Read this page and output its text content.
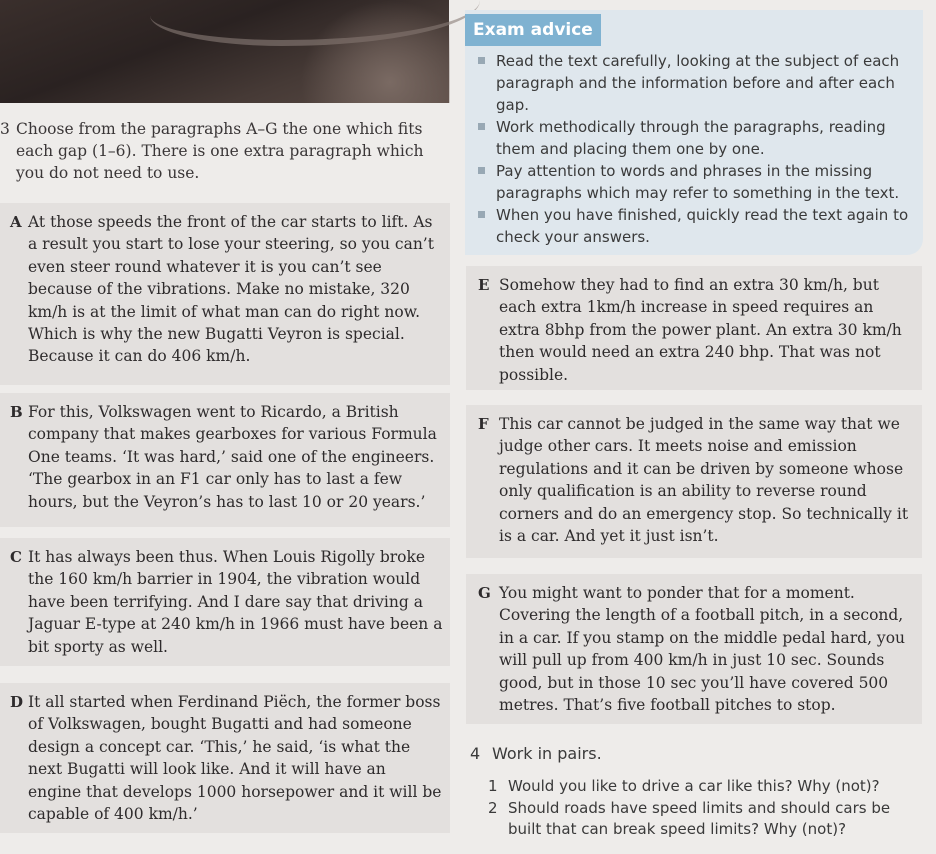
3 Choose from the paragraphs A–G the one which fits each gap (1–6). There is one extra paragraph which you do not need to use.
A At those speeds the front of the car starts to lift. As a result you start to lose your steering, so you can’t even steer round whatever it is you can’t see because of the vibrations. Make no mistake, 320 km/h is at the limit of what man can do right now. Which is why the new Bugatti Veyron is special. Because it can do 406 km/h.
B For this, Volkswagen went to Ricardo, a British company that makes gearboxes for various Formula One teams. ‘It was hard,’ said one of the engineers. ‘The gearbox in an F1 car only has to last a few hours, but the Veyron’s has to last 10 or 20 years.’
C It has always been thus. When Louis Rigolly broke the 160 km/h barrier in 1904, the vibration would have been terrifying. And I dare say that driving a Jaguar E-type at 240 km/h in 1966 must have been a bit sporty as well.
D It all started when Ferdinand Piëch, the former boss of Volkswagen, bought Bugatti and had someone design a concept car. ‘This,’ he said, ‘is what the next Bugatti will look like. And it will have an engine that develops 1000 horsepower and it will be capable of 400 km/h.’
Exam advice
Read the text carefully, looking at the subject of each paragraph and the information before and after each gap.
Work methodically through the paragraphs, reading them and placing them one by one.
Pay attention to words and phrases in the missing paragraphs which may refer to something in the text.
When you have finished, quickly read the text again to check your answers.
E Somehow they had to find an extra 30 km/h, but each extra 1km/h increase in speed requires an extra 8bhp from the power plant. An extra 30 km/h then would need an extra 240 bhp. That was not possible.
F This car cannot be judged in the same way that we judge other cars. It meets noise and emission regulations and it can be driven by someone whose only qualification is an ability to reverse round corners and do an emergency stop. So technically it is a car. And yet it just isn’t.
G You might want to ponder that for a moment. Covering the length of a football pitch, in a second, in a car. If you stamp on the middle pedal hard, you will pull up from 400 km/h in just 10 sec. Sounds good, but in those 10 sec you’ll have covered 500 metres. That’s five football pitches to stop.
4 Work in pairs.
1 Would you like to drive a car like this? Why (not)?
2 Should roads have speed limits and should cars be built that can break speed limits? Why (not)?
